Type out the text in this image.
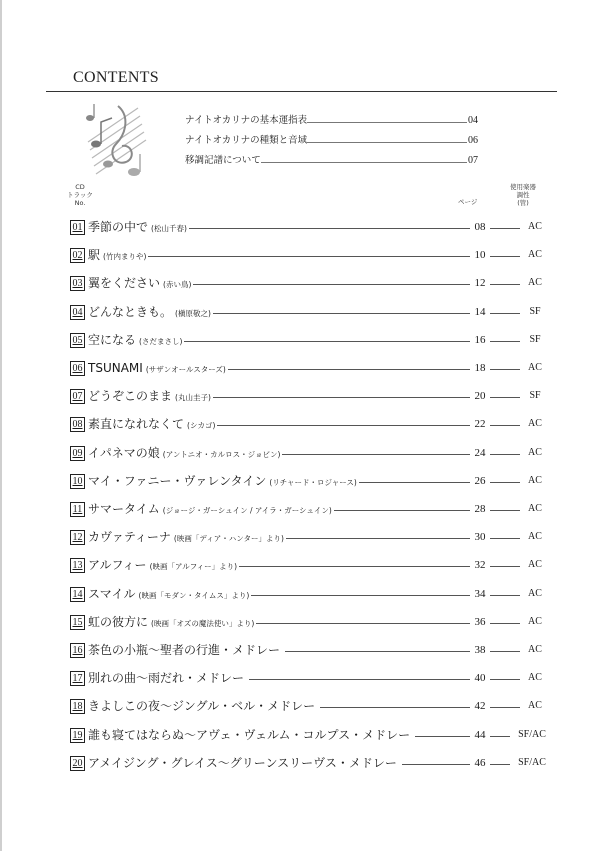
CONTENTS
ナイトオカリナの基本運指表	04
ナイトオカリナの種類と音域	06
移調記譜について	07
CD
トラック
No.	ページ
使用楽器
調性
(管)
01 季節の中で (松山千春)	08	AC
02 駅 (竹内まりや)	10	AC
03 翼をください (赤い鳥)	12	AC
04 どんなときも。 (槇原敬之)	14	SF
05 空になる (さだまさし)	16	SF
06 TSUNAMI (サザンオールスターズ)	18	AC
07 どうぞこのまま (丸山圭子)	20	SF
08 素直になれなくて (シカゴ)	22	AC
09 イパネマの娘 (アントニオ・カルロス・ジョビン)	24	AC
10 マイ・ファニー・ヴァレンタイン (リチャード・ロジャース)	26	AC
11 サマータイム (ジョージ・ガーシュイン / アイラ・ガーシュイン)	28	AC
12 カヴァティーナ (映画「ディア・ハンター」より)	30	AC
13 アルフィー (映画「アルフィー」より)	32	AC
14 スマイル (映画「モダン・タイムス」より)	34	AC
15 虹の彼方に (映画「オズの魔法使い」より)	36	AC
16 茶色の小瓶〜聖者の行進・メドレー	38	AC
17 別れの曲〜雨だれ・メドレー	40	AC
18 きよしこの夜〜ジングル・ベル・メドレー	42	AC
19 誰も寝てはならぬ〜アヴェ・ヴェルム・コルプス・メドレー	44	SF/AC
20 アメイジング・グレイス〜グリーンスリーヴス・メドレー	46	SF/AC
